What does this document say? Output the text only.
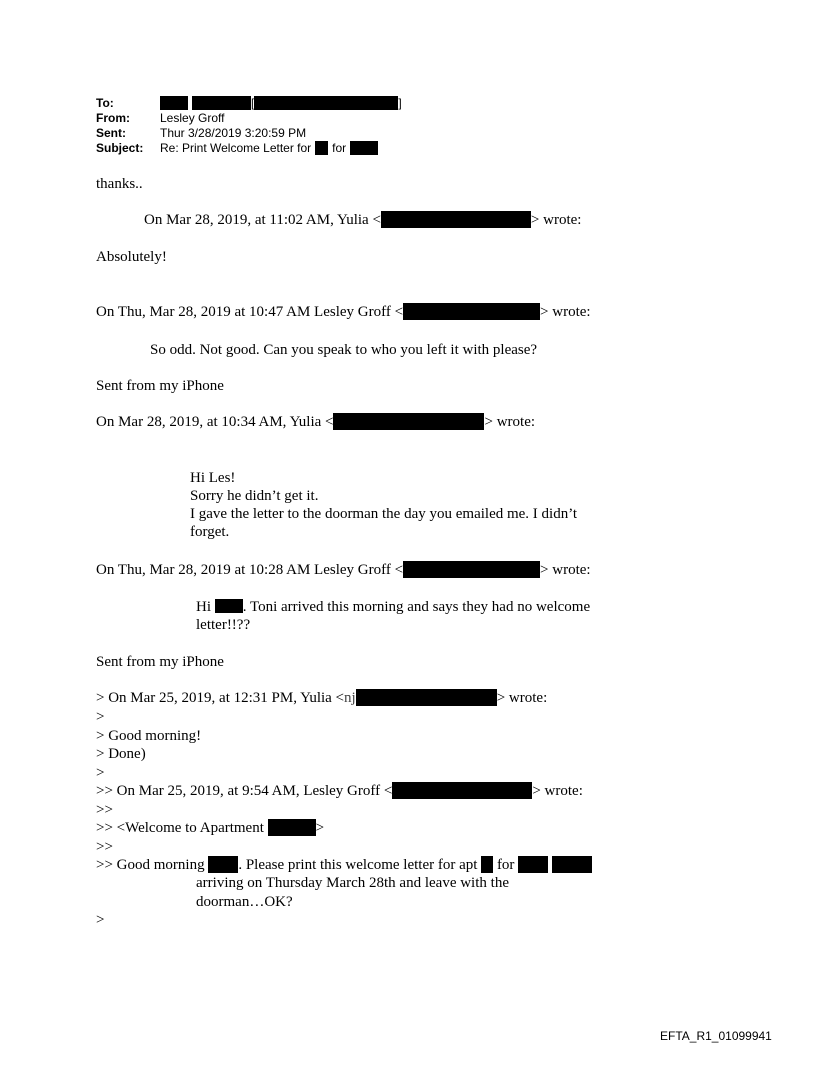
To:	[	]
From:	Lesley Groff
Sent:	Thur 3/28/2019 3:20:59 PM
Subject:	Re: Print Welcome Letter for for
thanks..
On Mar 28, 2019, at 11:02 AM, Yulia <	> wrote:
Absolutely!
On Thu, Mar 28, 2019 at 10:47 AM Lesley Groff <	> wrote:
So odd. Not good. Can you speak to who you left it with please?
Sent from my iPhone
On Mar 28, 2019, at 10:34 AM, Yulia <	> wrote:
Hi Les!
Sorry he didn’t get it.
I gave the letter to the doorman the day you emailed me. I didn’t
forget.
On Thu, Mar 28, 2019 at 10:28 AM Lesley Groff <	> wrote:
Hi . Toni arrived this morning and says they had no welcome
letter!!??
Sent from my iPhone
> On Mar 25, 2019, at 12:31 PM, Yulia <nj	> wrote:
>
> Good morning!
> Done)
>
>> On Mar 25, 2019, at 9:54 AM, Lesley Groff <	> wrote:
>>
>> <Welcome to Apartment	>
>>
>> Good morning . Please print this welcome letter for apt for
arriving on Thursday March 28th and leave with the
doorman…OK?
>
EFTA_R1_01099941
